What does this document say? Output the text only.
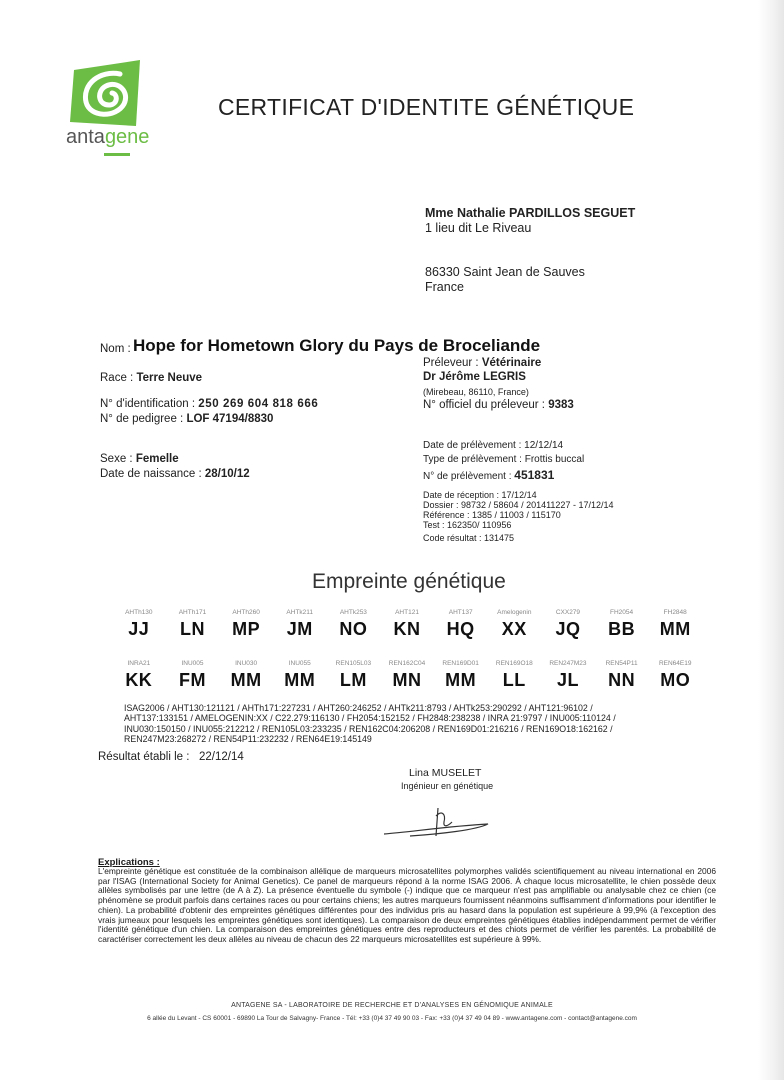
antagene
CERTIFICAT D'IDENTITE GÉNÉTIQUE
Mme Nathalie PARDILLOS SEGUET
1 lieu dit Le Riveau
86330 Saint Jean de Sauves
France
Nom : Hope for Hometown Glory du Pays de Broceliande
Race : Terre Neuve
N° d'identification : 250 269 604 818 666
N° de pedigree : LOF 47194/8830
Sexe : Femelle
Date de naissance : 28/10/12
Préleveur : Vétérinaire
Dr Jérôme LEGRIS
(Mirebeau, 86110, France)
N° officiel du préleveur : 9383
Date de prélèvement : 12/12/14
Type de prélèvement : Frottis buccal
N° de prélèvement : 451831
Date de réception : 17/12/14
Dossier : 98732 / 58604 / 201411227 - 17/12/14
Référence : 1385 / 11003 / 115170
Test : 162350/ 110956
Code résultat : 131475
Empreinte génétique
AHTh130
JJ
AHTh171
LN
AHTh260
MP
AHTk211
JM
AHTk253
NO
AHT121
KN
AHT137
HQ
Amelogenin
XX
CXX279
JQ
FH2054
BB
FH2848
MM
INRA21
KK
INU005
FM
INU030
MM
INU055
MM
REN105L03
LM
REN162C04
MN
REN169D01
MM
REN169O18
LL
REN247M23
JL
REN54P11
NN
REN64E19
MO
ISAG2006 / AHT130:121121 / AHTh171:227231 / AHT260:246252 / AHTk211:8793 / AHTk253:290292 / AHT121:96102 / AHT137:133151 / AMELOGENIN:XX / C22.279:116130 / FH2054:152152 / FH2848:238238 / INRA 21:9797 / INU005:110124 / INU030:150150 / INU055:212212 / REN105L03:233235 / REN162C04:206208 / REN169D01:216216 / REN169O18:162162 / REN247M23:268272 / REN54P11:232232 / REN64E19:145149
Résultat établi le : 22/12/14
Lina MUSELET
Ingénieur en génétique
Explications :
L'empreinte génétique est constituée de la combinaison allélique de marqueurs microsatellites polymorphes validés scientifiquement au niveau international en 2006 par l'ISAG (International Society for Animal Genetics). Ce panel de marqueurs répond à la norme ISAG 2006. À chaque locus microsatellite, le chien possède deux allèles symbolisés par une lettre (de A à Z). La présence éventuelle du symbole (-) indique que ce marqueur n'est pas amplifiable ou analysable chez ce chien (ce phénomène se produit parfois dans certaines races ou pour certains chiens; les autres marqueurs fournissent néanmoins suffisamment d'informations pour identifier le chien). La probabilité d'obtenir des empreintes génétiques différentes pour des individus pris au hasard dans la population est supérieure à 99,9% (à l'exception des vrais jumeaux pour lesquels les empreintes génétiques sont identiques). La comparaison de deux empreintes génétiques établies indépendamment permet de vérifier l'identité génétique d'un chien. La comparaison des empreintes génétiques entre des reproducteurs et des chiots permet de vérifier les parentés. La probabilité de caractériser correctement les deux allèles au niveau de chacun des 22 marqueurs microsatellites est supérieure à 99%.
ANTAGENE SA - LABORATOIRE DE RECHERCHE ET D'ANALYSES EN GÉNOMIQUE ANIMALE
6 allée du Levant - CS 60001 - 69890 La Tour de Salvagny- France - Tél: +33 (0)4 37 49 90 03 - Fax: +33 (0)4 37 49 04 89 - www.antagene.com - contact@antagene.com
